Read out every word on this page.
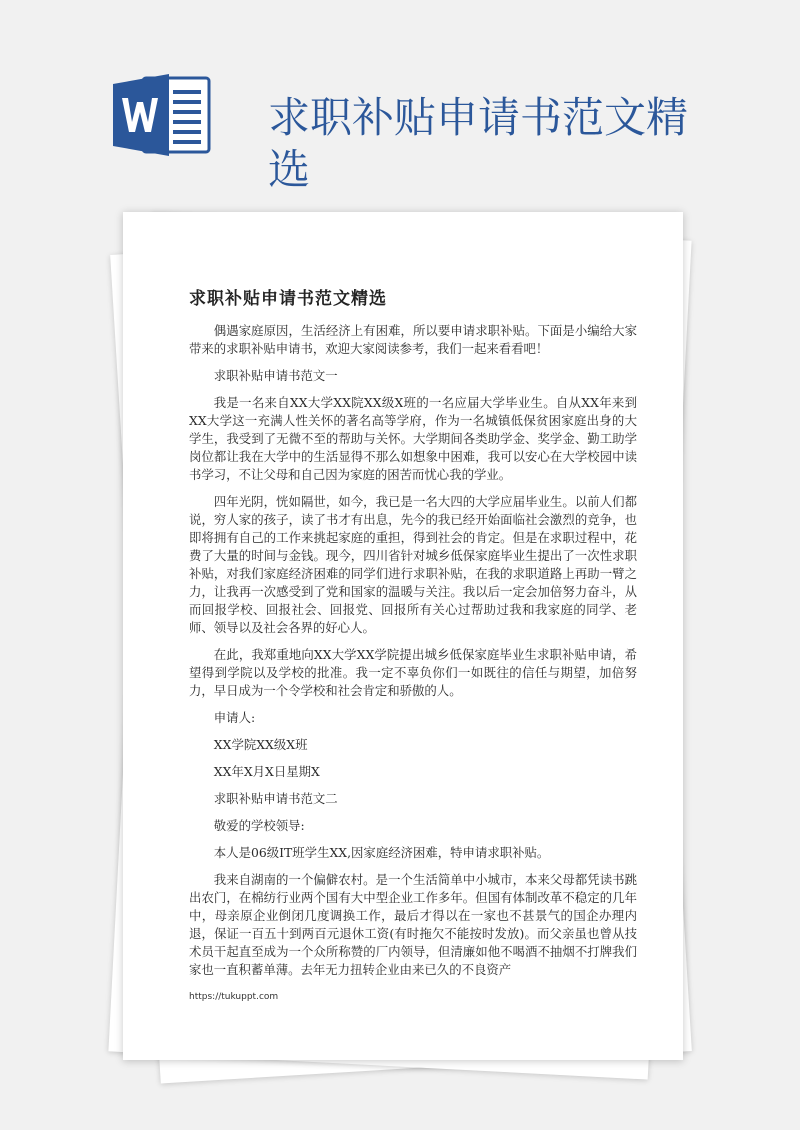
求职补贴申请书范文精选
求职补贴申请书范文精选

偶遇家庭原因，生活经济上有困难，所以要申请求职补贴。下面是小编给大家带来的求职补贴申请书，欢迎大家阅读参考，我们一起来看看吧！

求职补贴申请书范文一

我是一名来自XX大学XX院XX级X班的一名应届大学毕业生。自从XX年来到XX大学这一充满人性关怀的著名高等学府，作为一名城镇低保贫困家庭出身的大学生，我受到了无微不至的帮助与关怀。大学期间各类助学金、奖学金、勤工助学岗位都让我在大学中的生活显得不那么如想象中困难，我可以安心在大学校园中读书学习，不让父母和自己因为家庭的困苦而忧心我的学业。

四年光阴，恍如隔世，如今，我已是一名大四的大学应届毕业生。以前人们都说，穷人家的孩子，读了书才有出息，先今的我已经开始面临社会激烈的竞争，也即将拥有自己的工作来挑起家庭的重担，得到社会的肯定。但是在求职过程中，花费了大量的时间与金钱。现今，四川省针对城乡低保家庭毕业生提出了一次性求职补贴，对我们家庭经济困难的同学们进行求职补贴，在我的求职道路上再助一臂之力，让我再一次感受到了党和国家的温暖与关注。我以后一定会加倍努力奋斗，从而回报学校、回报社会、回报党、回报所有关心过帮助过我和我家庭的同学、老师、领导以及社会各界的好心人。

在此，我郑重地向XX大学XX学院提出城乡低保家庭毕业生求职补贴申请，希望得到学院以及学校的批准。我一定不辜负你们一如既往的信任与期望，加倍努力，早日成为一个令学校和社会肯定和骄傲的人。

申请人:

XX学院XX级X班

XX年X月X日星期X

求职补贴申请书范文二

敬爱的学校领导:

本人是06级IT班学生XX,因家庭经济困难，特申请求职补贴。

我来自湖南的一个偏僻农村。是一个生活简单中小城市，本来父母都凭读书跳出农门，在棉纺行业两个国有大中型企业工作多年。但国有体制改革不稳定的几年中，母亲原企业倒闭几度调换工作，最后才得以在一家也不甚景气的国企办理内退，保证一百五十到两百元退休工资(有时拖欠不能按时发放)。而父亲虽也曾从技术员干起直至成为一个众所称赞的厂内领导，但清廉如他不喝酒不抽烟不打牌我们家也一直积蓄单薄。去年无力扭转企业由来已久的不良资产

https://tukuppt.com
